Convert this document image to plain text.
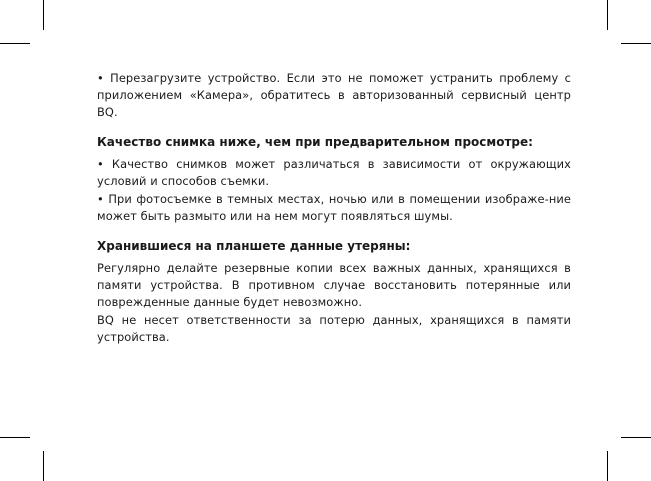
• Перезагрузите устройство. Если это не поможет устранить проблему с приложением «Камера», обратитесь в авторизованный сервисный центр BQ.

Качество снимка ниже, чем при предварительном просмотре:

• Качество снимков может различаться в зависимости от окружающих условий и способов съемки.

• При фотосъемке в темных местах, ночью или в помещении изображе-ние может быть размыто или на нем могут появляться шумы.

Хранившиеся на планшете данные утеряны:

Регулярно делайте резервные копии всех важных данных, хранящихся в памяти устройства. В противном случае восстановить потерянные или поврежденные данные будет невозможно.

BQ не несет ответственности за потерю данных, хранящихся в памяти устройства.
